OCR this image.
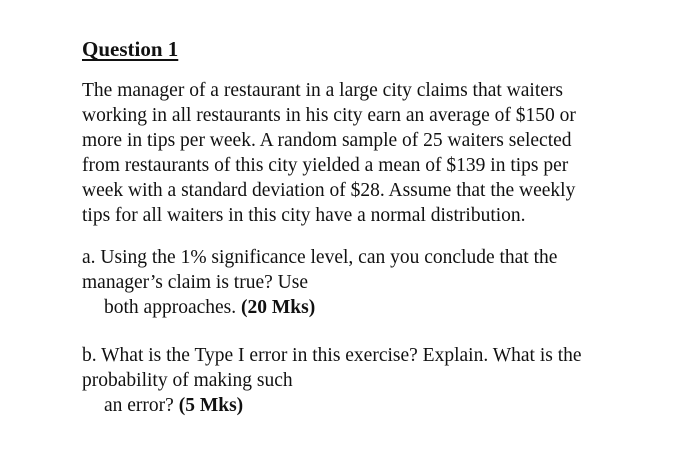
Question 1
The manager of a restaurant in a large city claims that waiters
working in all restaurants in his city earn an average of $150 or
more in tips per week. A random sample of 25 waiters selected
from restaurants of this city yielded a mean of $139 in tips per
week with a standard deviation of $28. Assume that the weekly
tips for all waiters in this city have a normal distribution.
a. Using the 1% significance level, can you conclude that the
manager’s claim is true? Use
both approaches. (20 Mks)
b. What is the Type I error in this exercise? Explain. What is the
probability of making such
an error? (5 Mks)
